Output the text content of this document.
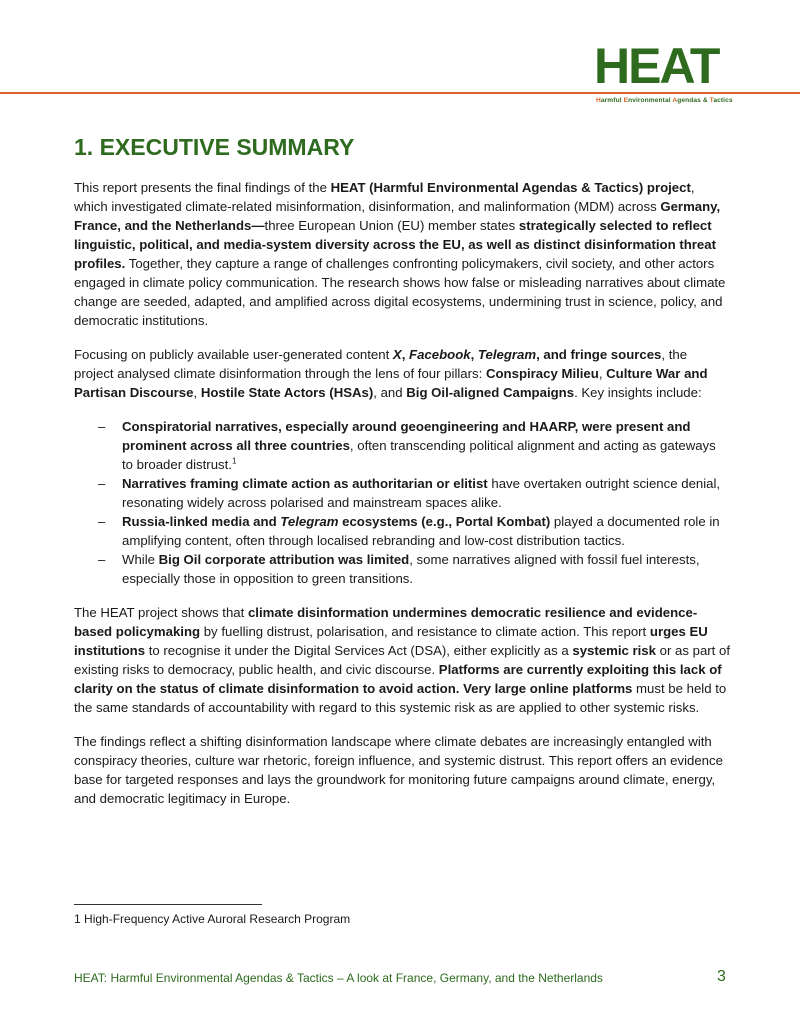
HEAT
Harmful Environmental Agendas & Tactics
1. EXECUTIVE SUMMARY

This report presents the final findings of the HEAT (Harmful Environmental Agendas & Tactics) project, which investigated climate-related misinformation, disinformation, and malinformation (MDM) across Germany, France, and the Netherlands—three European Union (EU) member states strategically selected to reflect linguistic, political, and media-system diversity across the EU, as well as distinct disinformation threat profiles. Together, they capture a range of challenges confronting policymakers, civil society, and other actors engaged in climate policy communication. The research shows how false or misleading narratives about climate change are seeded, adapted, and amplified across digital ecosystems, undermining trust in science, policy, and democratic institutions.

Focusing on publicly available user-generated content X, Facebook, Telegram, and fringe sources, the project analysed climate disinformation through the lens of four pillars: Conspiracy Milieu, Culture War and Partisan Discourse, Hostile State Actors (HSAs), and Big Oil-aligned Campaigns. Key insights include:

– Conspiratorial narratives, especially around geoengineering and HAARP, were present and prominent across all three countries, often transcending political alignment and acting as gateways to broader distrust.$^1$
– Narratives framing climate action as authoritarian or elitist have overtaken outright science denial, resonating widely across polarised and mainstream spaces alike.
– Russia-linked media and Telegram ecosystems (e.g., Portal Kombat) played a documented role in amplifying content, often through localised rebranding and low-cost distribution tactics.
– While Big Oil corporate attribution was limited, some narratives aligned with fossil fuel interests, especially those in opposition to green transitions.

The HEAT project shows that climate disinformation undermines democratic resilience and evidence-based policymaking by fuelling distrust, polarisation, and resistance to climate action. This report urges EU institutions to recognise it under the Digital Services Act (DSA), either explicitly as a systemic risk or as part of existing risks to democracy, public health, and civic discourse. Platforms are currently exploiting this lack of clarity on the status of climate disinformation to avoid action. Very large online platforms must be held to the same standards of accountability with regard to this systemic risk as are applied to other systemic risks.

The findings reflect a shifting disinformation landscape where climate debates are increasingly entangled with conspiracy theories, culture war rhetoric, foreign influence, and systemic distrust. This report offers an evidence base for targeted responses and lays the groundwork for monitoring future campaigns around climate, energy, and democratic legitimacy in Europe.

1 High-Frequency Active Auroral Research Program
HEAT: Harmful Environmental Agendas & Tactics – A look at France, Germany, and the Netherlands	3
